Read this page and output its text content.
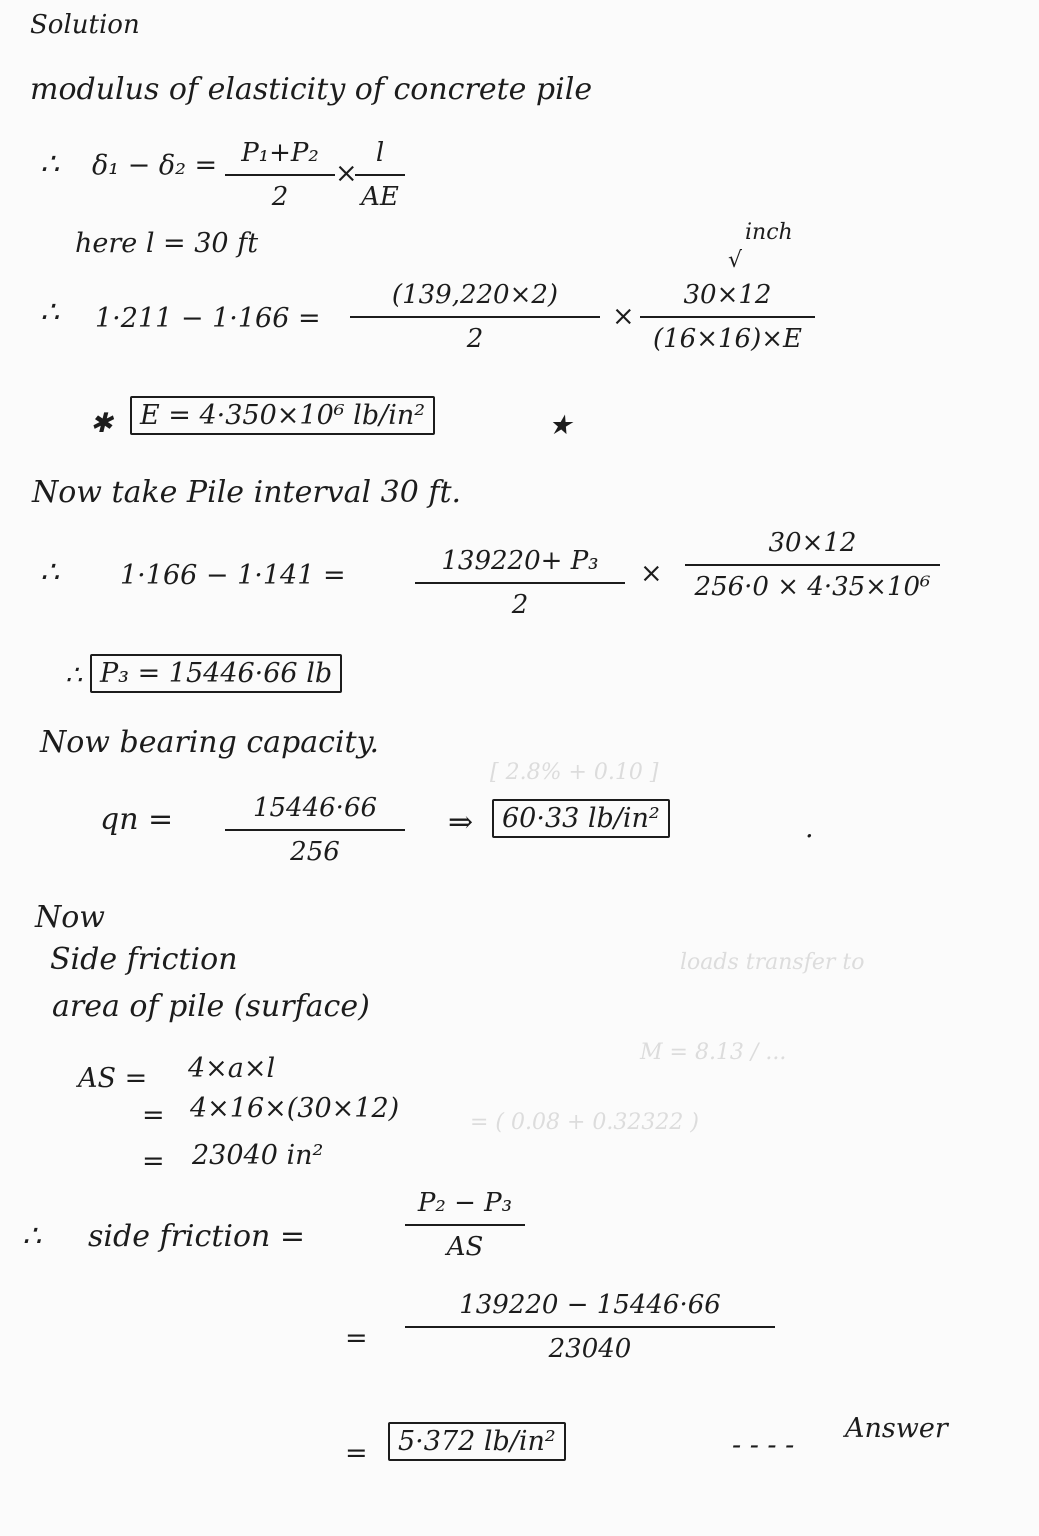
loads transfer to
= ( 0.08 + 0.32322 )
M = 8.13 / ...
[ 2.8% + 0.10 ]
Solution
modulus of elasticity of concrete pile
∴ δ₁ − δ₂ = P₁+P₂
2
×
l
AE
here l = 30 ft	inch
√
∴ 1·211 − 1·166 =
(139,220×2)
2
×
30×12
(16×16)×E
✱	E = 4·350×10⁶ lb/in²	★
Now take Pile interval 30 ft.
∴ 1·166 − 1·141 =	139220+ P₃
2
×
30×12
256·0 × 4·35×10⁶
∴ P₃ = 15446·66 lb
Now bearing capacity.
qn =	15446·66
256
⇒	60·33 lb/in²	.
Now
Side friction
area of pile (surface)
AS = 4×a×l
= 4×16×(30×12)
= 23040 in²
∴ side friction =
P₂ − P₃
AS
=
139220 − 15446·66
23040
=	5·372 lb/in²	- - - -
Answer
